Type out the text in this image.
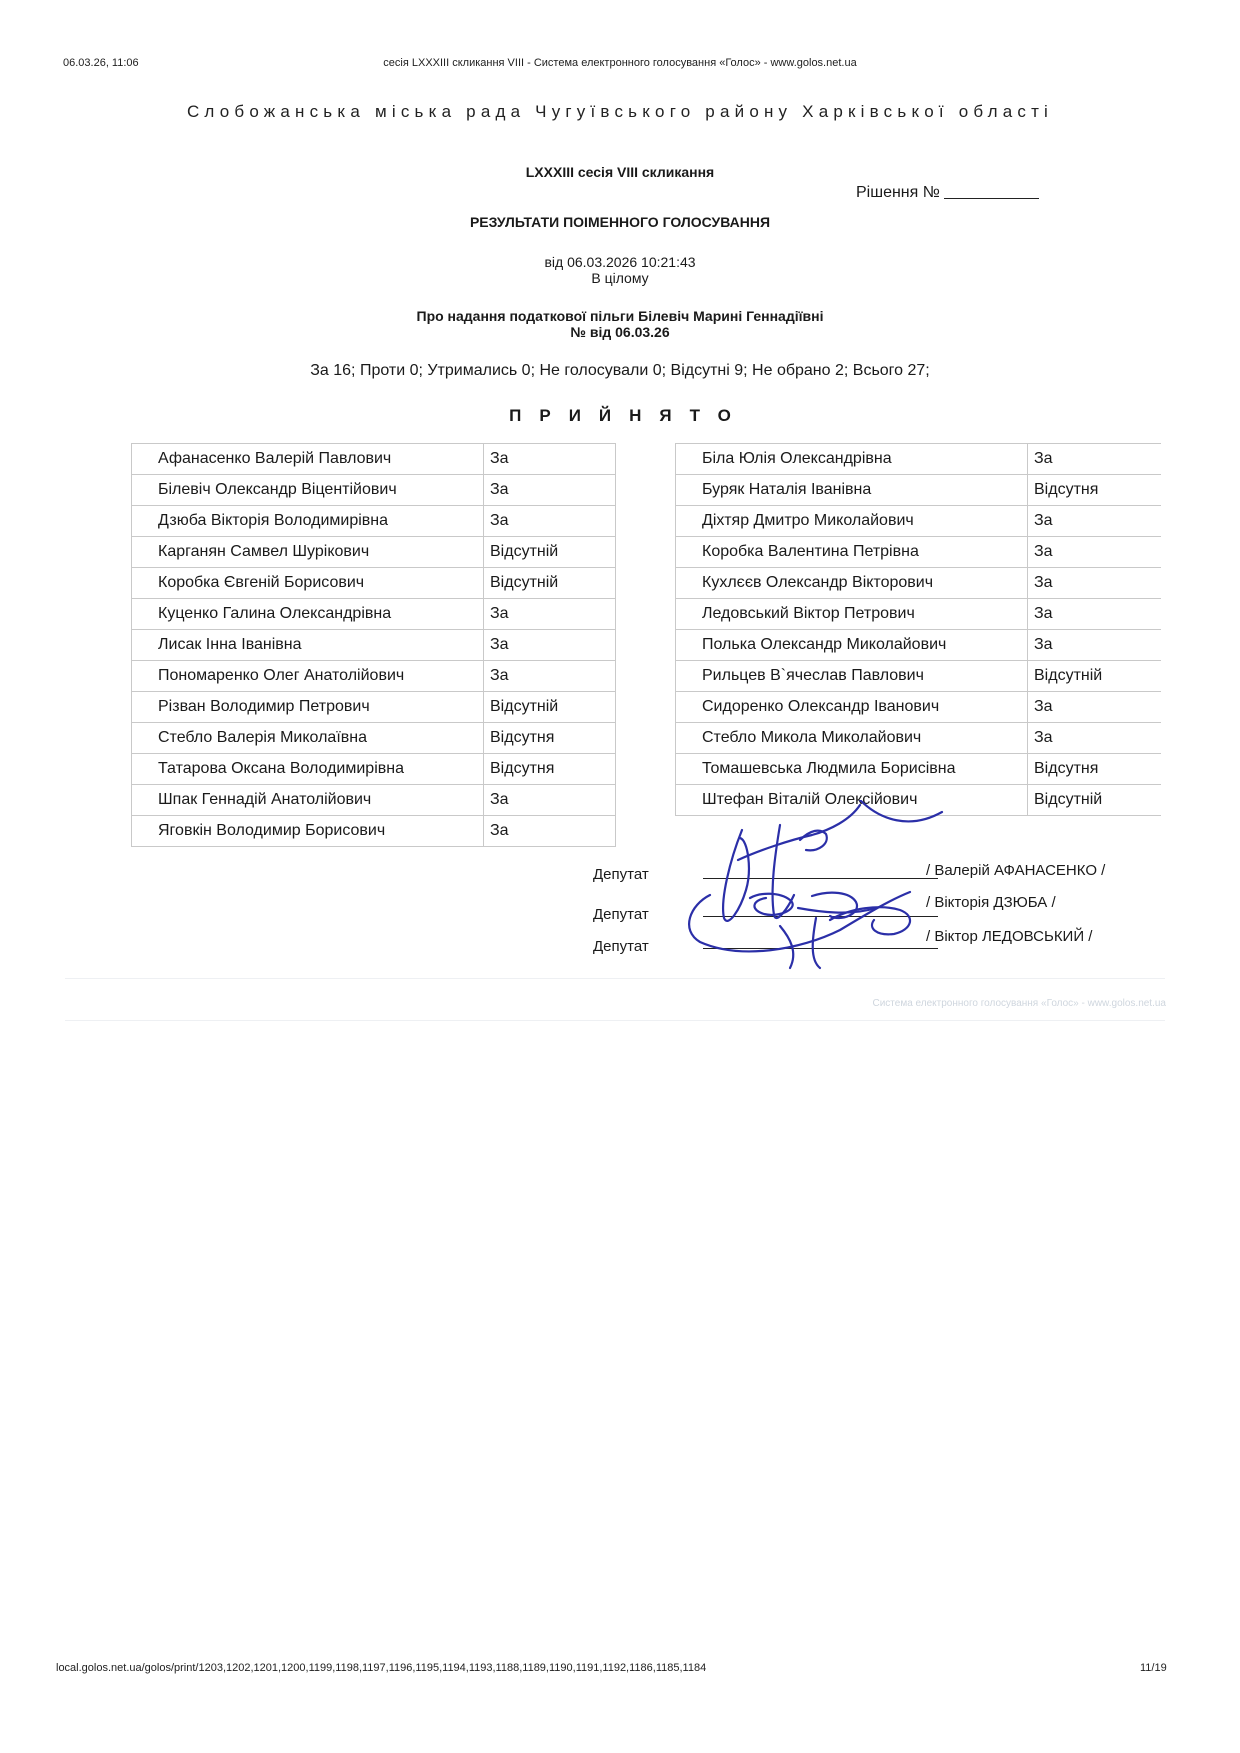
06.03.26, 11:06	сесія LXXXIII скликання VIII - Система електронного голосування «Голос» - www.golos.net.ua
Слобожанська міська рада Чугуївського району Харківської області
LXXXIII сесія VIII скликання
Рішення №
РЕЗУЛЬТАТИ ПОІМЕННОГО ГОЛОСУВАННЯ
від 06.03.2026 10:21:43
В цілому
Про надання податкової пільги Білевіч Марині Геннадіївні
№ від 06.03.26
За 16; Проти 0; Утримались 0; Не голосували 0; Відсутні 9; Не обрано 2; Всього 27;
ПРИЙНЯТО
Афанасенко Валерій Павлович	За
Білевіч Олександр Віцентійович	За
Дзюба Вікторія Володимирівна	За
Карганян Самвел Шурікович	Відсутній
Коробка Євгеній Борисович	Відсутній
Куценко Галина Олександрівна	За
Лисак Інна Іванівна	За
Пономаренко Олег Анатолійович	За
Різван Володимир Петрович	Відсутній
Стебло Валерія Миколаївна	Відсутня
Татарова Оксана Володимирівна	Відсутня
Шпак Геннадій Анатолійович	За
Яговкін Володимир Борисович	За
Біла Юлія Олександрівна	За
Буряк Наталія Іванівна	Відсутня
Діхтяр Дмитро Миколайович	За
Коробка Валентина Петрівна	За
Кухлєєв Олександр Вікторович	За
Ледовський Віктор Петрович	За
Полька Олександр Миколайович	За
Рильцев В`ячеслав Павлович	Відсутній
Сидоренко Олександр Іванович	За
Стебло Микола Миколайович	За
Томашевська Людмила Борисівна	Відсутня
Штефан Віталій Олексійович	Відсутній
Депутат	/ Валерій АФАНАСЕНКО /
Депутат
/ Вікторія ДЗЮБА /
Депутат
/ Віктор ЛЕДОВСЬКИЙ /
Система електронного голосування «Голос» - www.golos.net.ua
local.golos.net.ua/golos/print/1203,1202,1201,1200,1199,1198,1197,1196,1195,1194,1193,1188,1189,1190,1191,1192,1186,1185,1184	11/19
